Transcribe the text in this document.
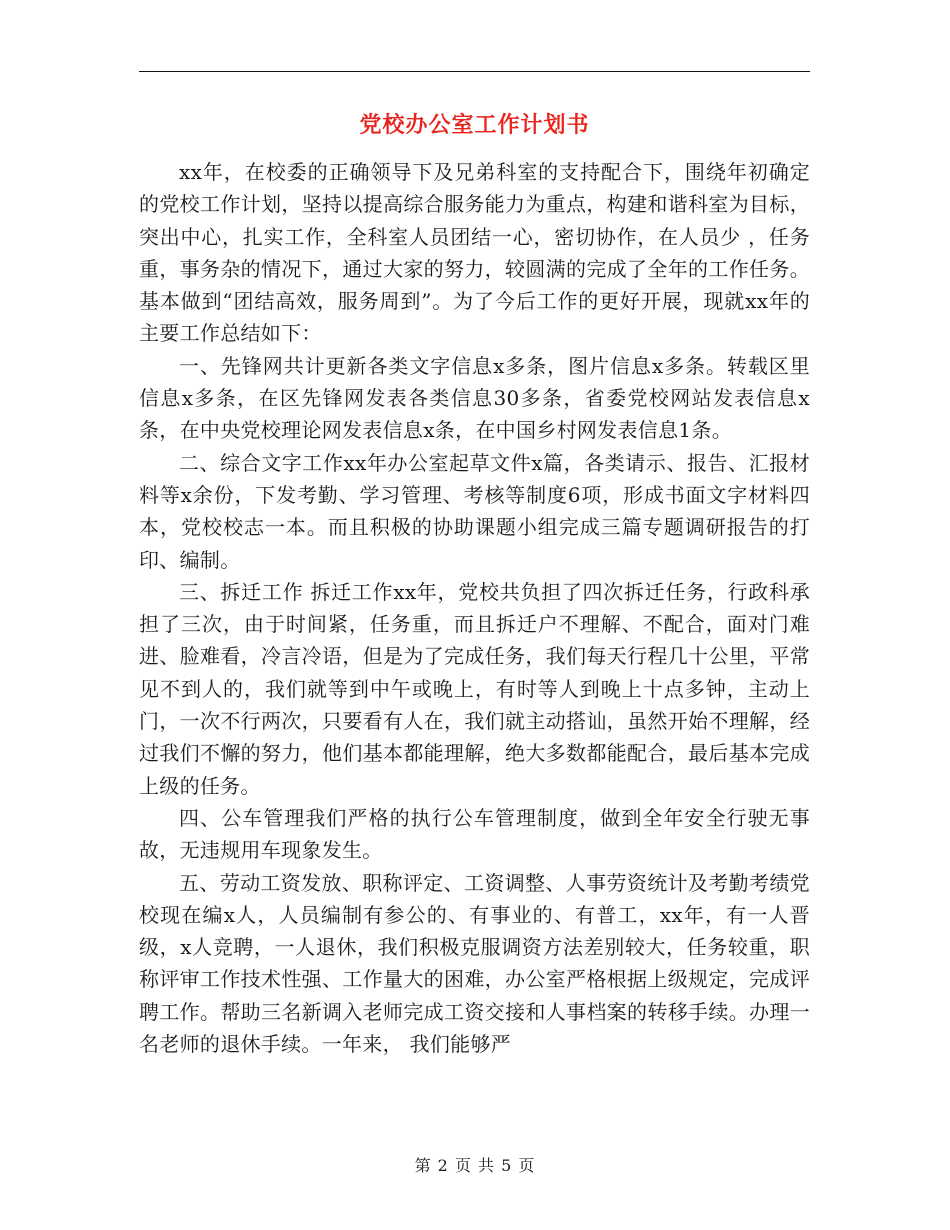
党校办公室工作计划书

xx年，在校委的正确领导下及兄弟科室的支持配合下，围绕年初确定的党校工作计划，坚持以提高综合服务能力为重点，构建和谐科室为目标，突出中心，扎实工作，全科室人员团结一心，密切协作，在人员少 ，任务重，事务杂的情况下，通过大家的努力，较圆满的完成了全年的工作任务。基本做到“团结高效，服务周到”。为了今后工作的更好开展，现就xx年的主要工作总结如下：

一、先锋网共计更新各类文字信息x多条，图片信息x多条。转载区里信息x多条，在区先锋网发表各类信息30多条，省委党校网站发表信息x条，在中央党校理论网发表信息x条，在中国乡村网发表信息1条。

二、综合文字工作xx年办公室起草文件x篇，各类请示、报告、汇报材料等x余份，下发考勤、学习管理、考核等制度6项，形成书面文字材料四本，党校校志一本。而且积极的协助课题小组完成三篇专题调研报告的打印、编制。

三、拆迁工作 拆迁工作xx年，党校共负担了四次拆迁任务，行政科承担了三次，由于时间紧，任务重，而且拆迁户不理解、不配合，面对门难进、脸难看，冷言冷语，但是为了完成任务，我们每天行程几十公里，平常见不到人的，我们就等到中午或晚上，有时等人到晚上十点多钟，主动上门，一次不行两次，只要看有人在，我们就主动搭讪，虽然开始不理解，经过我们不懈的努力，他们基本都能理解，绝大多数都能配合，最后基本完成上级的任务。

四、公车管理我们严格的执行公车管理制度，做到全年安全行驶无事故，无违规用车现象发生。

五、劳动工资发放、职称评定、工资调整、人事劳资统计及考勤考绩党校现在编x人，人员编制有参公的、有事业的、有普工，xx年，有一人晋级，x人竞聘，一人退休，我们积极克服调资方法差别较大，任务较重，职称评审工作技术性强、工作量大的困难，办公室严格根据上级规定，完成评聘工作。帮助三名新调入老师完成工资交接和人事档案的转移手续。办理一名老师的退休手续。一年来， 我们能够严

第 2 页 共 5 页
